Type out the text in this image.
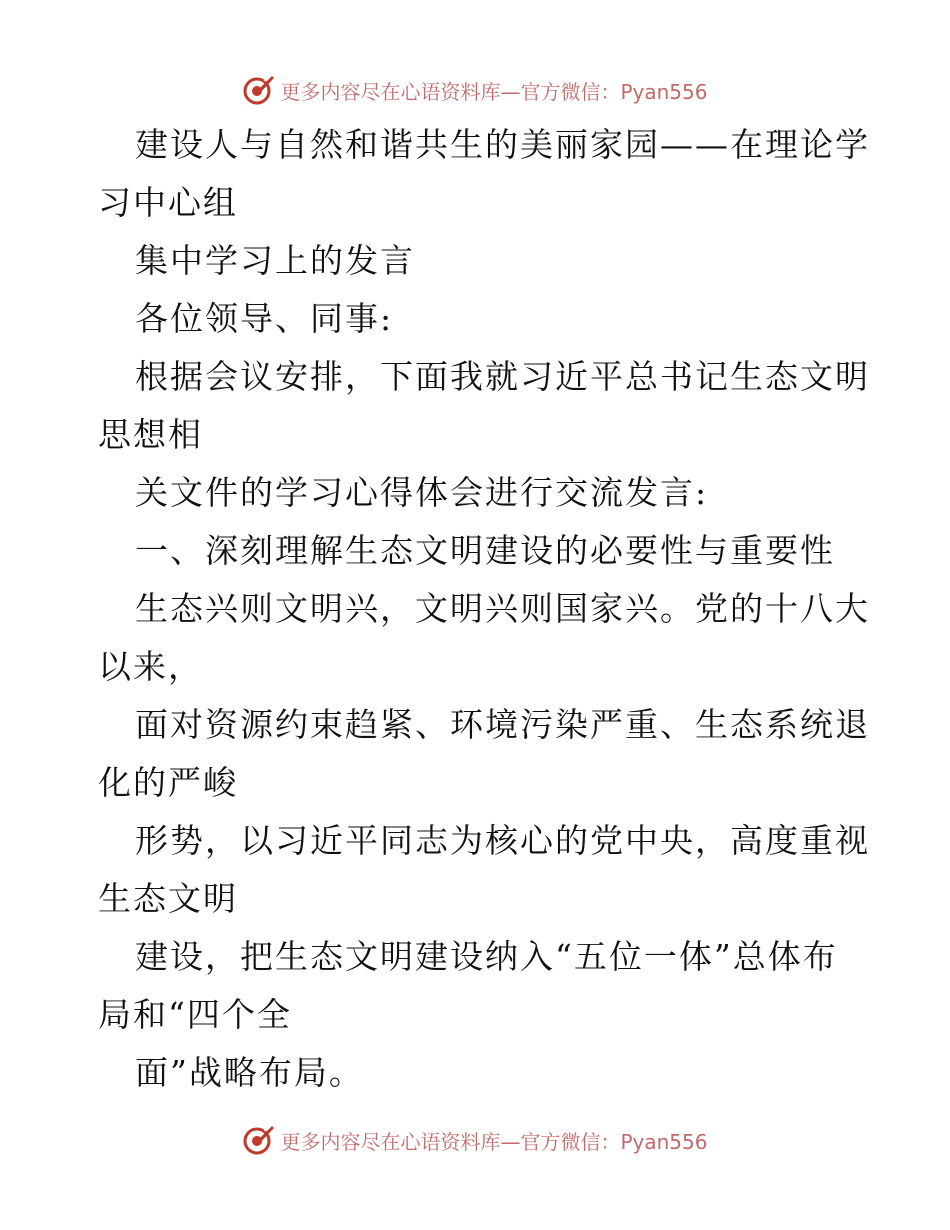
更多内容尽在心语资料库—官方微信：Pyan556
建设人与自然和谐共生的美丽家园——在理论学
习中心组
集中学习上的发言
各位领导、同事:
根据会议安排，下面我就习近平总书记生态文明
思想相
关文件的学习心得体会进行交流发言:
一、深刻理解生态文明建设的必要性与重要性
生态兴则文明兴，文明兴则国家兴。党的十八大
以来，
面对资源约束趋紧、环境污染严重、生态系统退
化的严峻
形势，以习近平同志为核心的党中央，高度重视
生态文明
建设，把生态文明建设纳入“五位一体”总体布
局和“四个全
面”战略布局。
更多内容尽在心语资料库—官方微信：Pyan556
